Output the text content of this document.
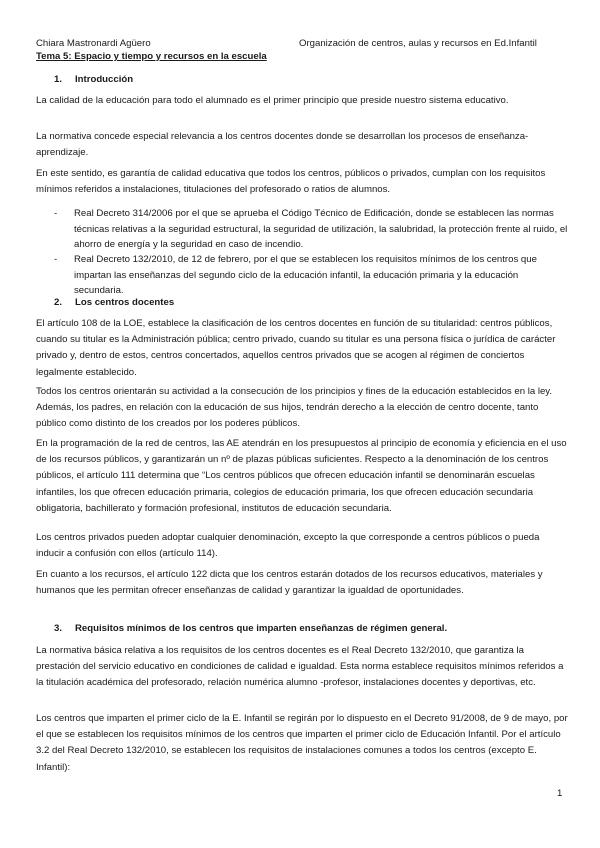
Chiara Mastronardi Agüero	Organización de centros, aulas y recursos en Ed.Infantil
Tema 5: Espacio y tiempo y recursos en la escuela
1. Introducción
La calidad de la educación para todo el alumnado es el primer principio que preside nuestro sistema educativo.
La normativa concede especial relevancia a los centros docentes donde se desarrollan los procesos de enseñanza-aprendizaje.
En este sentido, es garantía de calidad educativa que todos los centros, públicos o privados, cumplan con los requisitos mínimos referidos a instalaciones, titulaciones del profesorado o ratios de alumnos.
- Real Decreto 314/2006 por el que se aprueba el Código Técnico de Edificación, donde se establecen las normas técnicas relativas a la seguridad estructural, la seguridad de utilización, la salubridad, la protección frente al ruido, el ahorro de energía y la seguridad en caso de incendio.
- Real Decreto 132/2010, de 12 de febrero, por el que se establecen los requisitos mínimos de los centros que impartan las enseñanzas del segundo ciclo de la educación infantil, la educación primaria y la educación secundaria.
2. Los centros docentes
El artículo 108 de la LOE, establece la clasificación de los centros docentes en función de su titularidad: centros públicos, cuando su titular es la Administración pública; centro privado, cuando su titular es una persona física o jurídica de carácter privado y, dentro de estos, centros concertados, aquellos centros privados que se acogen al régimen de conciertos legalmente establecido.
Todos los centros orientarán su actividad a la consecución de los principios y fines de la educación establecidos en la ley. Además, los padres, en relación con la educación de sus hijos, tendrán derecho a la elección de centro docente, tanto público como distinto de los creados por los poderes públicos.
En la programación de la red de centros, las AE atendrán en los presupuestos al principio de economía y eficiencia en el uso de los recursos públicos, y garantizarán un nº de plazas públicas suficientes. Respecto a la denominación de los centros públicos, el artículo 111 determina que “Los centros públicos que ofrecen educación infantil se denominarán escuelas infantiles, los que ofrecen educación primaria, colegios de educación primaria, los que ofrecen educación secundaria obligatoria, bachillerato y formación profesional, institutos de educación secundaria.
Los centros privados pueden adoptar cualquier denominación, excepto la que corresponde a centros públicos o pueda inducir a confusión con ellos (artículo 114).
En cuanto a los recursos, el artículo 122 dicta que los centros estarán dotados de los recursos educativos, materiales y humanos que les permitan ofrecer enseñanzas de calidad y garantizar la igualdad de oportunidades.
3. Requisitos mínimos de los centros que imparten enseñanzas de régimen general.
La normativa básica relativa a los requisitos de los centros docentes es el Real Decreto 132/2010, que garantiza la prestación del servicio educativo en condiciones de calidad e igualdad. Esta norma establece requisitos mínimos referidos a la titulación académica del profesorado, relación numérica alumno -profesor, instalaciones docentes y deportivas, etc.
Los centros que imparten el primer ciclo de la E. Infantil se regirán por lo dispuesto en el Decreto 91/2008, de 9 de mayo, por el que se establecen los requisitos mínimos de los centros que imparten el primer ciclo de Educación Infantil. Por el artículo 3.2 del Real Decreto 132/2010, se establecen los requisitos de instalaciones comunes a todos los centros (excepto E. Infantil):
1
